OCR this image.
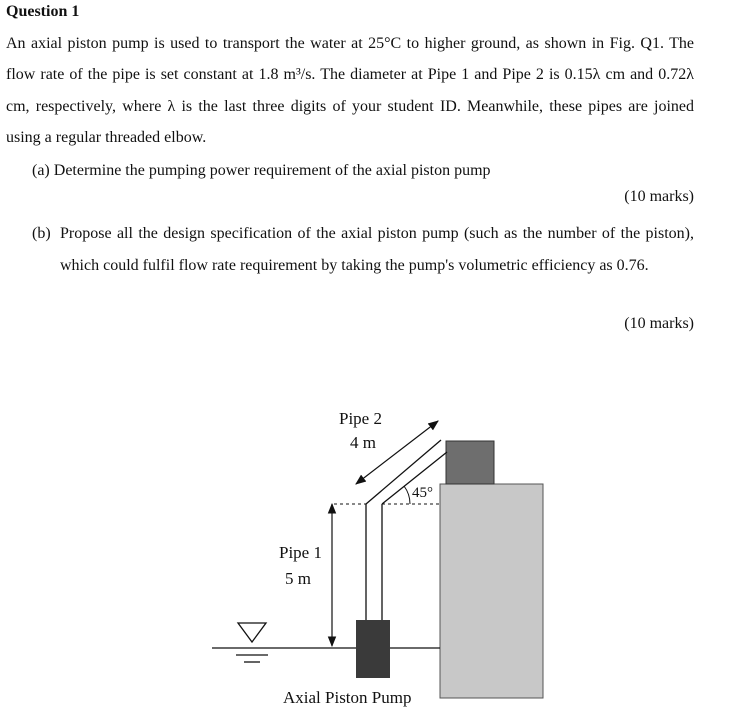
Question 1
An axial piston pump is used to transport the water at 25°C to higher ground, as shown in Fig. Q1. The flow rate of the pipe is set constant at 1.8 m³/s. The diameter at Pipe 1 and Pipe 2 is 0.15λ cm and 0.72λ cm, respectively, where λ is the last three digits of your student ID. Meanwhile, these pipes are joined using a regular threaded elbow.
(a) Determine the pumping power requirement of the axial piston pump
(10 marks)
(b) Propose all the design specification of the axial piston pump (such as the number of the piston), which could fulfil flow rate requirement by taking the pump's volumetric efficiency as 0.76.
(10 marks)
Pipe 2
4 m
45°
Pipe 1
5 m
Axial Piston Pump
